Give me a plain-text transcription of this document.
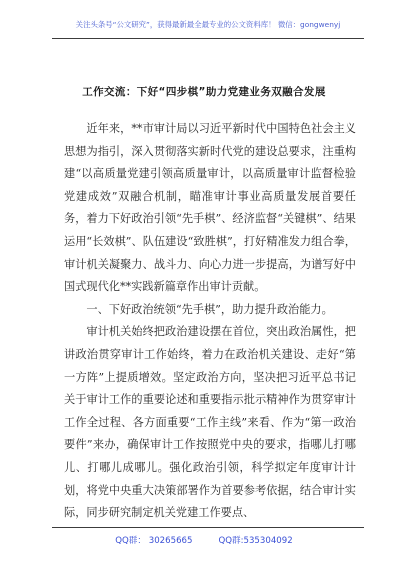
关注头条号“公文研究”，获得最新最全最专业的公文资料库！ 微信：gongwenyj
工作交流：下好“四步棋”助力党建业务双融合发展

近年来，**市审计局以习近平新时代中国特色社会主义思想为指引，深入贯彻落实新时代党的建设总要求，注重构建“以高质量党建引领高质量审计，以高质量审计监督检验党建成效”双融合机制，瞄准审计事业高质量发展首要任务，着力下好政治引领“先手棋”、经济监督“关键棋”、结果运用“长效棋”、队伍建设“致胜棋”，打好精准发力组合拳，审计机关凝聚力、战斗力、向心力进一步提高，为谱写好中国式现代化**实践新篇章作出审计贡献。

一、下好政治统领“先手棋”，助力提升政治能力。

审计机关始终把政治建设摆在首位，突出政治属性，把讲政治贯穿审计工作始终，着力在政治机关建设、走好“第一方阵”上提质增效。坚定政治方向，坚决把习近平总书记关于审计工作的重要论述和重要指示批示精神作为贯穿审计工作全过程、各方面重要“工作主线”来看、作为“第一政治要件”来办，确保审计工作按照党中央的要求，指哪儿打哪儿、打哪儿成哪儿。强化政治引领，科学拟定年度审计计划，将党中央重大决策部署作为首要参考依据，结合审计实际，同步研究制定机关党建工作要点、

QQ群： 30265665	QQ群:535304092
